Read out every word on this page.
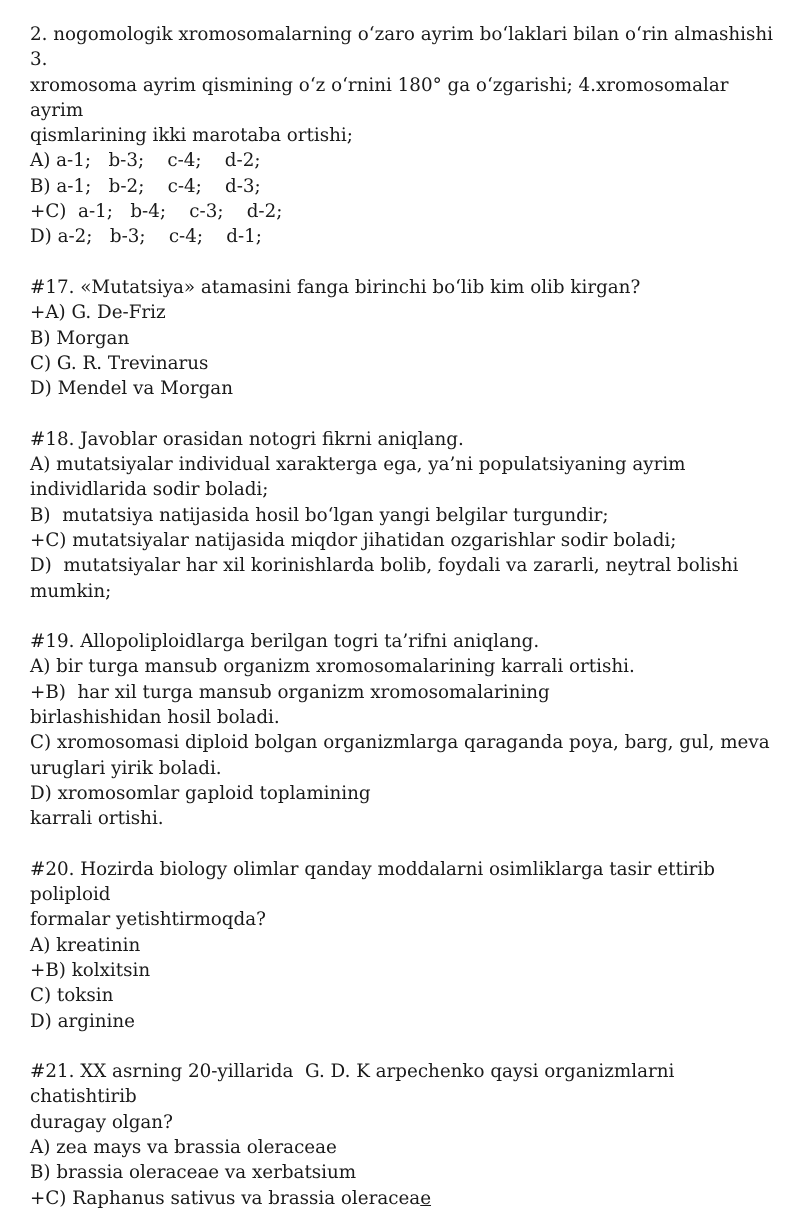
2. nogomologik xromosomalarning o‘zaro ayrim bo‘laklari bilan o‘rin almashishi 3.
xromosoma ayrim qismining o‘z o‘rnini 180° ga o‘zgarishi; 4.xromosomalar ayrim
qismlarining ikki marotaba ortishi;
A) a-1;   b-3;    c-4;    d-2;
B) a-1;   b-2;    c-4;    d-3;
+C)  a-1;   b-4;    c-3;    d-2;
D) a-2;   b-3;    c-4;    d-1;
#17. «Mutatsiya» atamasini fanga birinchi bo‘lib kim olib kirgan?
+A) G. De-Friz
B) Morgan
C) G. R. Trevinarus
D) Mendel va Morgan
#18. Javoblar orasidan notogri fikrni aniqlang.
A) mutatsiyalar individual xarakterga ega, ya’ni populatsiyaning ayrim
individlarida sodir boladi;
B)  mutatsiya natijasida hosil bo‘lgan yangi belgilar turgundir;
+C) mutatsiyalar natijasida miqdor jihatidan ozgarishlar sodir boladi;
D)  mutatsiyalar har xil korinishlarda bolib, foydali va zararli, neytral bolishi
mumkin;
#19. Allopoliploidlarga berilgan togri ta’rifni aniqlang.
A) bir turga mansub organizm xromosomalarining karrali ortishi.
+B)  har xil turga mansub organizm xromosomalarining
birlashishidan hosil boladi.
C) xromosomasi diploid bolgan organizmlarga qaraganda poya, barg, gul, meva
uruglari yirik boladi.
D) xromosomlar gaploid toplamining
karrali ortishi.
#20. Hozirda biology olimlar qanday moddalarni osimliklarga tasir ettirib poliploid
formalar yetishtirmoqda?
A) kreatinin
+B) kolxitsin
C) toksin
D) arginine
#21. XX asrning 20-yillarida  G. D. K arpechenko qaysi organizmlarni chatishtirib
duragay olgan?
A) zea mays va brassia oleraceae
B) brassia oleraceae va xerbatsium
+C) Raphanus sativus va brassia oleraceae
